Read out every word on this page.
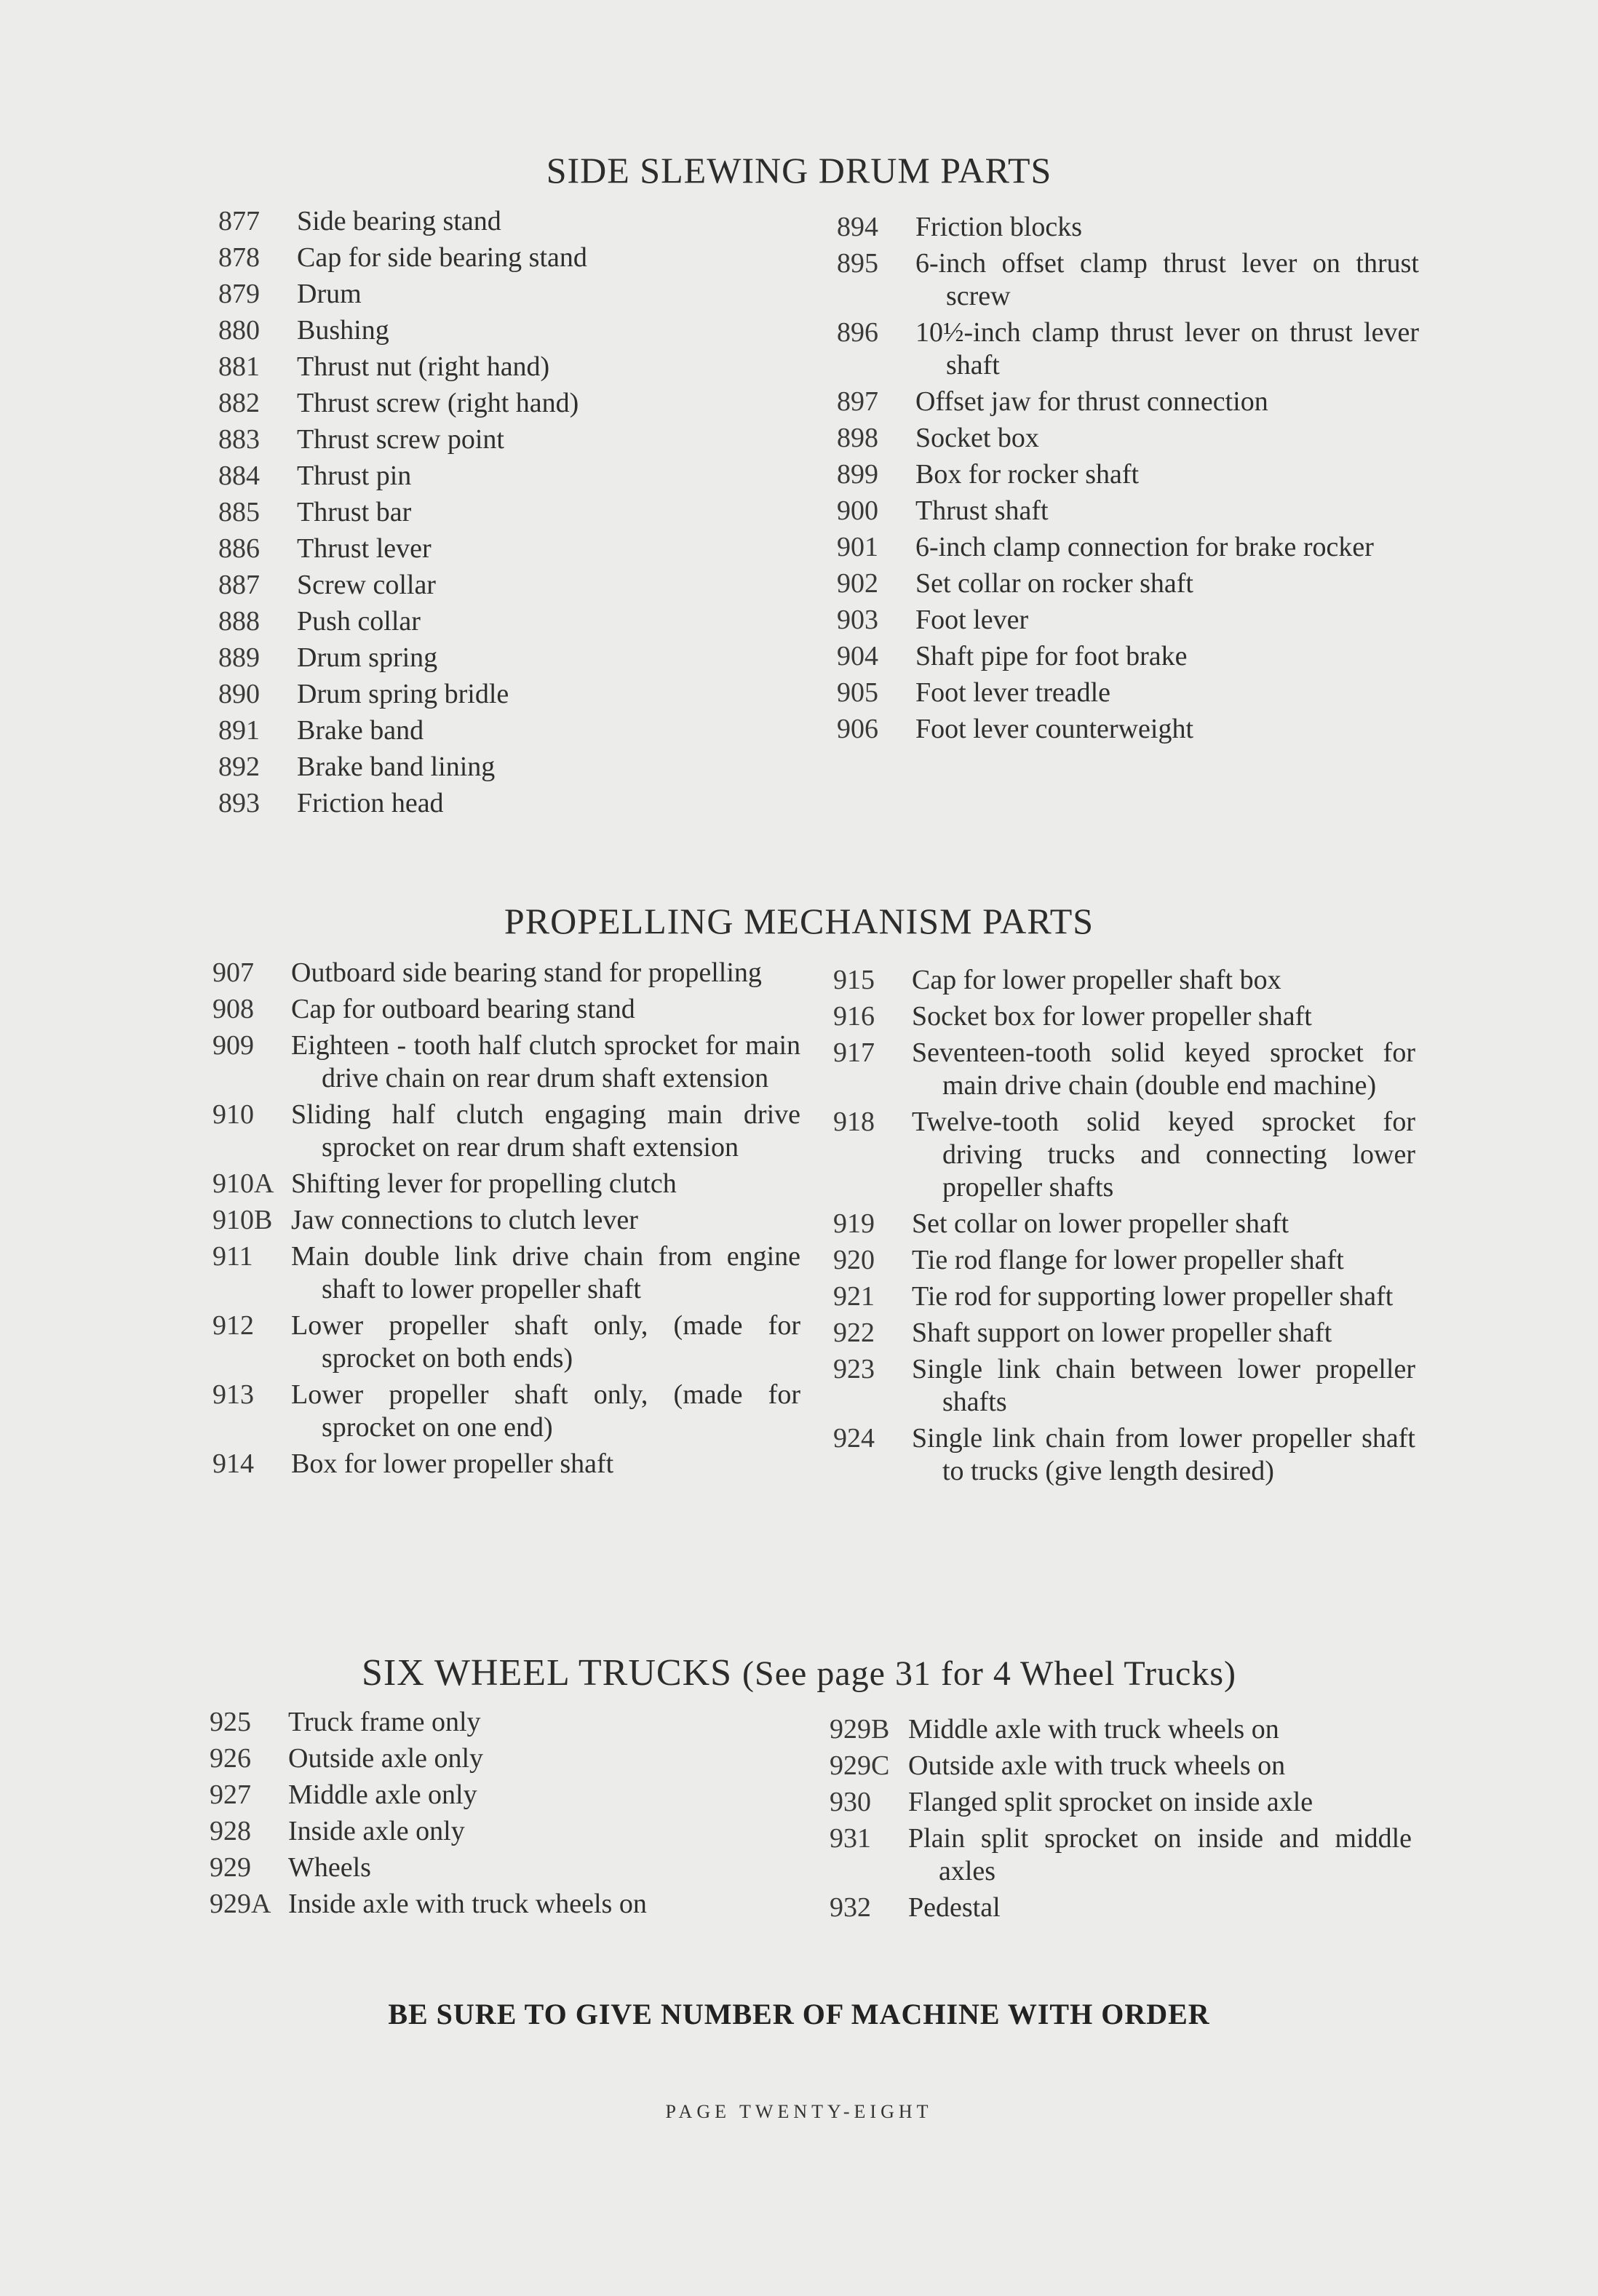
SIDE SLEWING DRUM PARTS
877	Side bearing stand
878	Cap for side bearing stand
879	Drum
880	Bushing
881	Thrust nut (right hand)
882	Thrust screw (right hand)
883	Thrust screw point
884	Thrust pin
885	Thrust bar
886	Thrust lever
887	Screw collar
888	Push collar
889	Drum spring
890	Drum spring bridle
891	Brake band
892	Brake band lining
893	Friction head
894	Friction blocks
895	6-inch offset clamp thrust lever on thrust screw
896	10½-inch clamp thrust lever on thrust lever shaft
897	Offset jaw for thrust connection
898	Socket box
899	Box for rocker shaft
900	Thrust shaft
901	6-inch clamp connection for brake rocker
902	Set collar on rocker shaft
903	Foot lever
904	Shaft pipe for foot brake
905	Foot lever treadle
906	Foot lever counterweight
PROPELLING MECHANISM PARTS
907	Outboard side bearing stand for propelling
908	Cap for outboard bearing stand
909	Eighteen - tooth half clutch sprocket for main drive chain on rear drum shaft extension
910	Sliding half clutch engaging main drive sprocket on rear drum shaft extension
910A Shifting lever for propelling clutch
910B Jaw connections to clutch lever
911	Main double link drive chain from engine shaft to lower propeller shaft
912	Lower propeller shaft only, (made for sprocket on both ends)
913	Lower propeller shaft only, (made for sprocket on one end)
914	Box for lower propeller shaft
915	Cap for lower propeller shaft box
916	Socket box for lower propeller shaft
917	Seventeen-tooth solid keyed sprocket for main drive chain (double end machine)
918	Twelve-tooth solid keyed sprocket for driving trucks and connecting lower propeller shafts
919	Set collar on lower propeller shaft
920	Tie rod flange for lower propeller shaft
921	Tie rod for supporting lower propeller shaft
922	Shaft support on lower propeller shaft
923	Single link chain between lower propeller shafts
924	Single link chain from lower propeller shaft to trucks (give length desired)
SIX WHEEL TRUCKS (See page 31 for 4 Wheel Trucks)
925	Truck frame only
926	Outside axle only
927	Middle axle only
928	Inside axle only
929	Wheels
929A Inside axle with truck wheels on
929B Middle axle with truck wheels on
929C Outside axle with truck wheels on
930	Flanged split sprocket on inside axle
931	Plain split sprocket on inside and middle axles
932	Pedestal
BE SURE TO GIVE NUMBER OF MACHINE WITH ORDER
PAGE TWENTY-EIGHT
